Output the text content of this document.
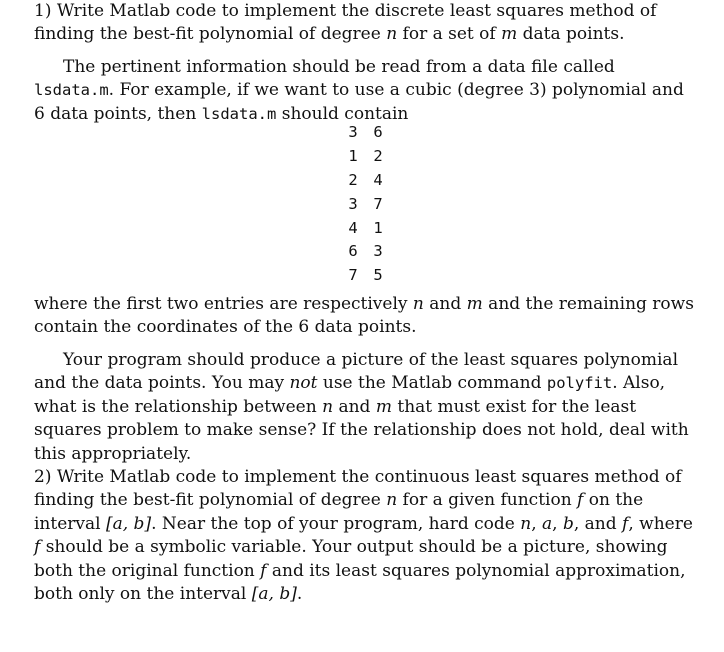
1) Write Matlab code to implement the discrete least squares method of finding the best-fit polynomial of degree n for a set of m data points.

The pertinent information should be read from a data file called lsdata.m. For example, if we want to use a cubic (degree 3) polynomial and 6 data points, then lsdata.m should contain

3 6
1 2
2 4
3 7
4 1
6 3
7 5

where the first two entries are respectively n and m and the remaining rows contain the coordinates of the 6 data points.

Your program should produce a picture of the least squares polynomial and the data points. You may not use the Matlab command polyfit. Also, what is the relationship between n and m that must exist for the least squares problem to make sense? If the relationship does not hold, deal with this appropriately.

2) Write Matlab code to implement the continuous least squares method of finding the best-fit polynomial of degree n for a given function f on the interval [a, b]. Near the top of your program, hard code n, a, b, and f, where f should be a symbolic variable. Your output should be a picture, showing both the original function f and its least squares polynomial approximation, both only on the interval [a, b].
